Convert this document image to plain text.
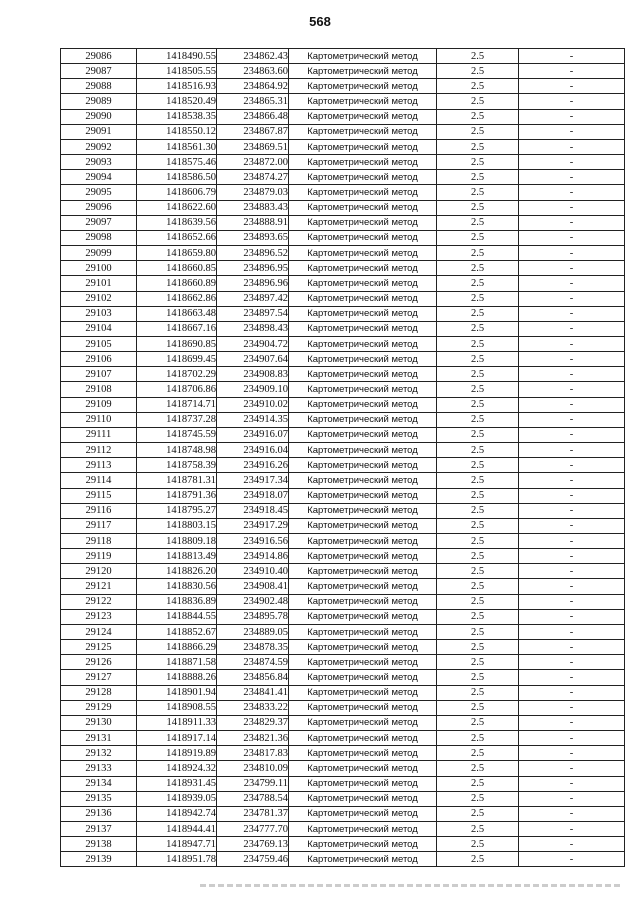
568
29086	1418490.55	234862.43	Картометрический метод	2.5	-
29087	1418505.55	234863.60	Картометрический метод	2.5	-
29088	1418516.93	234864.92	Картометрический метод	2.5	-
29089	1418520.49	234865.31	Картометрический метод	2.5	-
29090	1418538.35	234866.48	Картометрический метод	2.5	-
29091	1418550.12	234867.87	Картометрический метод	2.5	-
29092	1418561.30	234869.51	Картометрический метод	2.5	-
29093	1418575.46	234872.00	Картометрический метод	2.5	-
29094	1418586.50	234874.27	Картометрический метод	2.5	-
29095	1418606.79	234879.03	Картометрический метод	2.5	-
29096	1418622.60	234883.43	Картометрический метод	2.5	-
29097	1418639.56	234888.91	Картометрический метод	2.5	-
29098	1418652.66	234893.65	Картометрический метод	2.5	-
29099	1418659.80	234896.52	Картометрический метод	2.5	-
29100	1418660.85	234896.95	Картометрический метод	2.5	-
29101	1418660.89	234896.96	Картометрический метод	2.5	-
29102	1418662.86	234897.42	Картометрический метод	2.5	-
29103	1418663.48	234897.54	Картометрический метод	2.5	-
29104	1418667.16	234898.43	Картометрический метод	2.5	-
29105	1418690.85	234904.72	Картометрический метод	2.5	-
29106	1418699.45	234907.64	Картометрический метод	2.5	-
29107	1418702.29	234908.83	Картометрический метод	2.5	-
29108	1418706.86	234909.10	Картометрический метод	2.5	-
29109	1418714.71	234910.02	Картометрический метод	2.5	-
29110	1418737.28	234914.35	Картометрический метод	2.5	-
29111	1418745.59	234916.07	Картометрический метод	2.5	-
29112	1418748.98	234916.04	Картометрический метод	2.5	-
29113	1418758.39	234916.26	Картометрический метод	2.5	-
29114	1418781.31	234917.34	Картометрический метод	2.5	-
29115	1418791.36	234918.07	Картометрический метод	2.5	-
29116	1418795.27	234918.45	Картометрический метод	2.5	-
29117	1418803.15	234917.29	Картометрический метод	2.5	-
29118	1418809.18	234916.56	Картометрический метод	2.5	-
29119	1418813.49	234914.86	Картометрический метод	2.5	-
29120	1418826.20	234910.40	Картометрический метод	2.5	-
29121	1418830.56	234908.41	Картометрический метод	2.5	-
29122	1418836.89	234902.48	Картометрический метод	2.5	-
29123	1418844.55	234895.78	Картометрический метод	2.5	-
29124	1418852.67	234889.05	Картометрический метод	2.5	-
29125	1418866.29	234878.35	Картометрический метод	2.5	-
29126	1418871.58	234874.59	Картометрический метод	2.5	-
29127	1418888.26	234856.84	Картометрический метод	2.5	-
29128	1418901.94	234841.41	Картометрический метод	2.5	-
29129	1418908.55	234833.22	Картометрический метод	2.5	-
29130	1418911.33	234829.37	Картометрический метод	2.5	-
29131	1418917.14	234821.36	Картометрический метод	2.5	-
29132	1418919.89	234817.83	Картометрический метод	2.5	-
29133	1418924.32	234810.09	Картометрический метод	2.5	-
29134	1418931.45	234799.11	Картометрический метод	2.5	-
29135	1418939.05	234788.54	Картометрический метод	2.5	-
29136	1418942.74	234781.37	Картометрический метод	2.5	-
29137	1418944.41	234777.70	Картометрический метод	2.5	-
29138	1418947.71	234769.13	Картометрический метод	2.5	-
29139	1418951.78	234759.46	Картометрический метод	2.5	-
